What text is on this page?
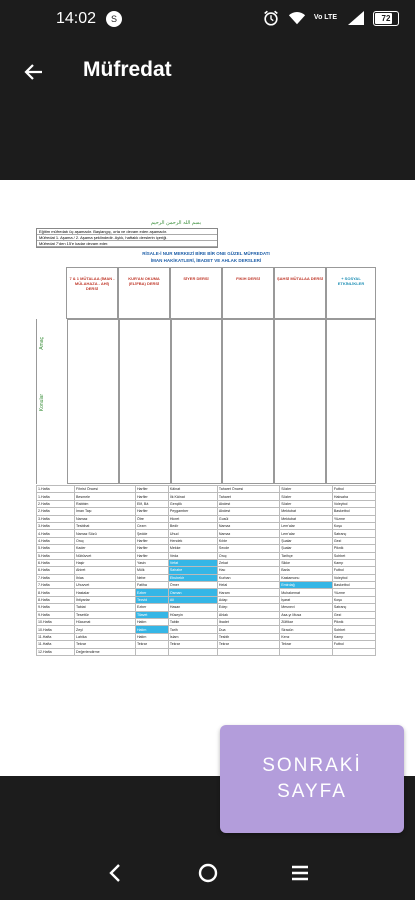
14:02	S	Vo LTE	72
Müfredat
بسم الله الرحمن الرحيم
Eğitim müfredatı üç aşamadır. Başlangıç, orta ve devam eden aşamadır.
Müfredat 1. Aşama / 2. Aşama şeklindedir. Aylık, haftalık derslerin içeriği.
Müfredat 7'den 15'e kadar devam eder.
RİSALE-İ NUR MERKEZİ BİRE BİR ONE GÜZEL MÜFREDATI
İMAN HAKİKATLERİ, İBADET VE AHLAK DERSLERİ
7 & 1 MÜTALAA (İMAN - MÜLAHAZA - AHİ) DERSİ
KUR'AN OKUMA (ELİFBA) DERSİ
SİYER DERSİ	FIKIH DERSİ	ŞAHSİ MÜTALAA DERSİ	+ SOSYAL ETKİNLİKLER
Amaç
Konular
1.Hafta	Fihrist Öncesi	Harfler	Kâinat	Taharet Öncesi	Sözler	Futbol
1.Hafta	Besmele	Harfler	İlk Kâinat	Taharet	Sözler	Halısaha
2.Hafta	Rabbim	Elif, Bâ	Gençlik	Abdest	Sözler	Voleybol
2.Hafta	İman Taşı	Harfler	Peygamber	Abdest	Mektubat	Basketbol
3.Hafta	Namaz	Ötre	Hicret	Gusül	Mektubat	Yüzme
3.Hafta	Tesbihat	Cezm	Bedir	Namaz	Lem'alar	Koşu
4.Hafta	Namaz Sözü	Şedde	Uhud	Namaz	Lem'alar	Satranç
4.Hafta	Oruç	Harfler	Hendek	Kıble	Şualar	Gezi
5.Hafta	Kader	Harfler	Mekke	Secde	Şualar	Piknik
5.Hafta	Nübüvvet	Harfler	Veda	Oruç	Tarihçe	Sohbet
6.Hafta	Haşir	Yasin	Vefat	Zekat	Sikke	Kamp
6.Hafta	Ahiret	Mülk	Sahabe	Hac	Barla	Futbol
7.Hafta	İhlas	Nebe	Ebubekir	Kurban	Kastamonu	Voleybol
7.Hafta	Uhuvvet	Fatiha	Ömer	Helal	Emirdağ	Basketbol
8.Hafta	Hastalar	Ezber	Osman	Haram	Muhakemat	Yüzme
8.Hafta	İhtiyarlar	Tecvid	Ali	Adap	İşarat	Koşu
9.Hafta	Tabiat	Ezber	Hasan	Edep	Mesnevi	Satranç
9.Hafta	Tesettür	Tilavet	Hüseyin	Ahlak	Asa-yı Musa	Gezi
10.Hafta	Hücumat	Hatim	Tabiin	İbadet	Zülfikar	Piknik
10.Hafta	Zeyl	Hatim	Tarih	Dua	Siracün	Sohbet
11.Hafta	Lahika	Hatim	İslam	Tesbih	Kenz	Kamp
11.Hafta	Tekrar	Tekrar	Tekrar	Tekrar	Tekrar	Futbol
12.Hafta	Değerlendirme					
SONRAKİ
SAYFA
